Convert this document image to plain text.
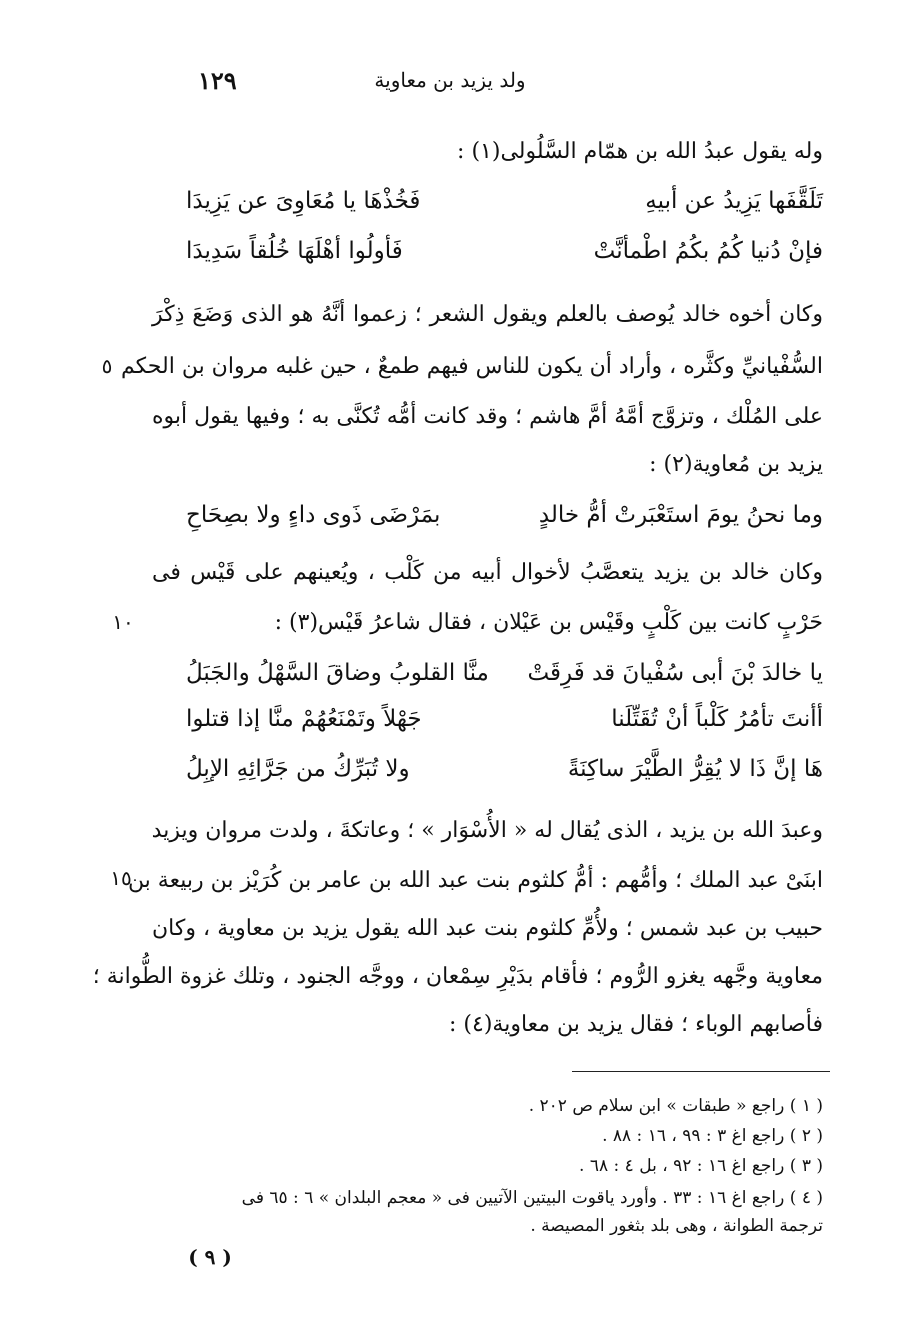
ولد يزيد بن معاوية
١٢٩
وله يقول عبدُ الله بن همّام السَّلُولى(١) :
تَلَقَّفَها يَزِيدُ عن أبيهِ
فَخُذْهَا يا مُعَاوِىَ عن يَزِيدَا
فإنْ دُنيا كُمُ بكُمُ اطْمأنَّتْ
فَأولُوا أهْلَهَا خُلُقاً سَدِيدَا
وكان أخوه خالد يُوصف بالعلم ويقول الشعر ؛ زعموا أنَّهُ هو الذى وَضَعَ ذِكْرَ
السُّفْيانيِّ وكثَّره ، وأراد أن يكون للناس فيهم طمعٌ ، حين غلبه مروان بن الحكم
على المُلْك ، وتزوَّج أمَّهُ أمَّ هاشم ؛ وقد كانت أمُّه تُكنَّى به ؛ وفيها يقول أبوه
يزيد بن مُعاوية(٢) :
وما نحنُ يومَ استَعْبَرتْ أمُّ خالدٍ
بمَرْضَى ذَوى داءٍ ولا بصِحَاحِ
وكان خالد بن يزيد يتعصَّبُ لأخوال أبيه من كَلْب ، ويُعينهم على قَيْس فى
حَرْبٍ كانت بين كَلْبٍ وقَيْس بن عَيْلان ، فقال شاعرُ قَيْس(٣) :
يا خالدَ بْنَ أبى سُفْيانَ قد فَرِقَتْ
منَّا القلوبُ وضاقَ السَّهْلُ والجَبَلُ
أأنتَ تأمُرُ كَلْباً أنْ تُقَتِّلَنا
جَهْلاً وتَمْنَعُهُمْ منَّا إذا قتلوا
هَا إنَّ ذَا لا يُقِرُّ الطَّيْرَ ساكِنَةً
ولا تُبَرِّكُ من جَرَّائِهِ الإبِلُ
وعبدَ الله بن يزيد ، الذى يُقال له « الأُسْوَار » ؛ وعاتكةَ ، ولدت مروان ويزيد
ابنَىْ عبد الملك ؛ وأمُّهم : أمُّ كلثوم بنت عبد الله بن عامر بن كُرَيْز بن ربيعة بن
حبيب بن عبد شمس ؛ ولأُمِّ كلثوم بنت عبد الله يقول يزيد بن معاوية ، وكان
معاوية وجَّهه يغزو الرُّوم ؛ فأقام بدَيْرِ سِمْعان ، ووجَّه الجنود ، وتلك غزوة الطُّوانة ؛
فأصابهم الوباء ؛ فقال يزيد بن معاوية(٤) :
٥
١٠
١٥
( ١ ) راجع « طبقات » ابن سلام ص ٢٠٢ .
( ٢ ) راجع اغ ٣ : ٩٩ ، ١٦ : ٨٨ .
( ٣ ) راجع اغ ١٦ : ٩٢ ، بل ٤ : ٦٨ .
( ٤ ) راجع اغ ١٦ : ٣٣ . وأورد ياقوت البيتين الآتيين فى « معجم البلدان » ٦ : ٦٥ فى
ترجمة الطوانة ، وهى بلد بثغور المصيصة .
( ٩ )
